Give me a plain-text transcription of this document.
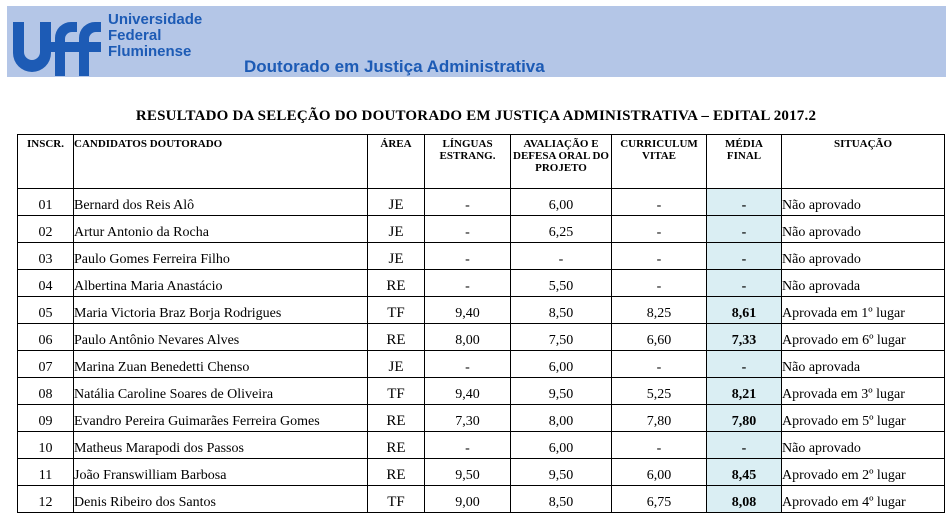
Universidade
Federal
Fluminense
Doutorado em Justiça Administrativa
RESULTADO DA SELEÇÃO DO DOUTORADO EM JUSTIÇA ADMINISTRATIVA – EDITAL 2017.2
INSCR.	CANDIDATOS DOUTORADO	ÁREA	LÍNGUAS ESTRANG.	AVALIAÇÃO E DEFESA ORAL DO PROJETO	CURRICULUM VITAE	MÉDIA FINAL	SITUAÇÃO
01	Bernard dos Reis Alô	JE	-	6,00	-	-	Não aprovado
02	Artur Antonio da Rocha	JE	-	6,25	-	-	Não aprovado
03	Paulo Gomes Ferreira Filho	JE	-	-	-	-	Não aprovado
04	Albertina Maria Anastácio	RE	-	5,50	-	-	Não aprovada
05	Maria Victoria Braz Borja Rodrigues	TF	9,40	8,50	8,25	8,61	Aprovada em 1º lugar
06	Paulo Antônio Nevares Alves	RE	8,00	7,50	6,60	7,33	Aprovado em 6º lugar
07	Marina Zuan Benedetti Chenso	JE	-	6,00	-	-	Não aprovada
08	Natália Caroline Soares de Oliveira	TF	9,40	9,50	5,25	8,21	Aprovada em 3º lugar
09	Evandro Pereira Guimarães Ferreira Gomes	RE	7,30	8,00	7,80	7,80	Aprovado em 5º lugar
10	Matheus Marapodi dos Passos	RE	-	6,00	-	-	Não aprovado
11	João Franswilliam Barbosa	RE	9,50	9,50	6,00	8,45	Aprovado em 2º lugar
12	Denis Ribeiro dos Santos	TF	9,00	8,50	6,75	8,08	Aprovado em 4º lugar
